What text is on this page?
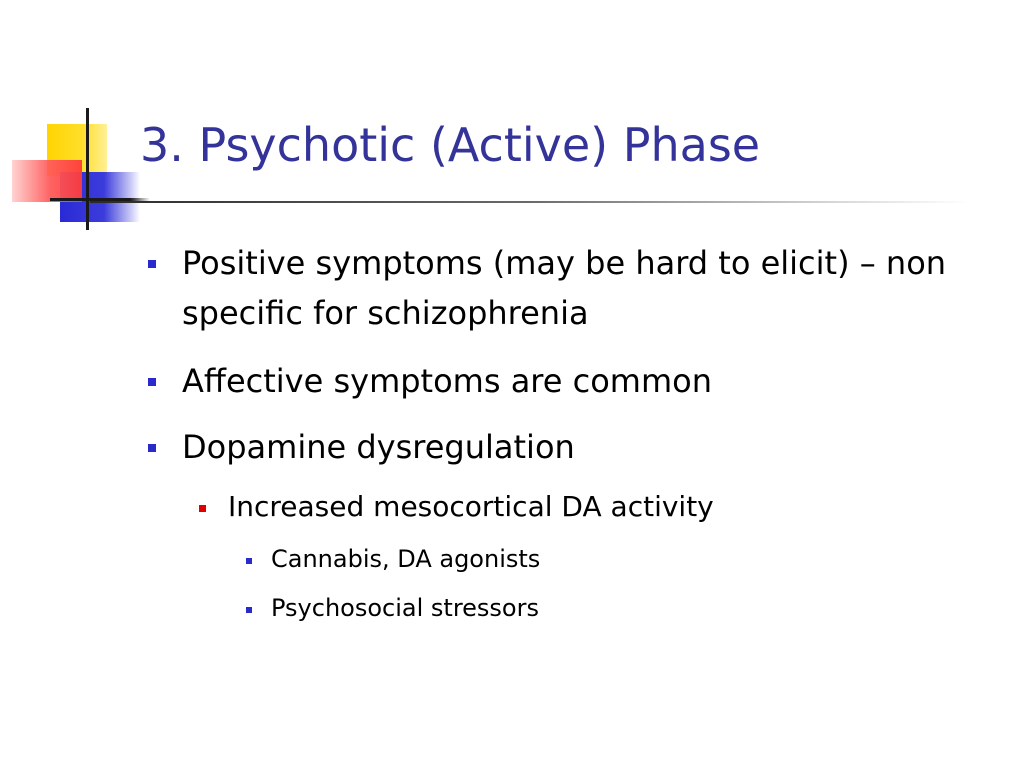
3. Psychotic (Active) Phase
Positive symptoms (may be hard to elicit) – non specific for schizophrenia
Affective symptoms are common
Dopamine dysregulation
Increased mesocortical DA activity
Cannabis, DA agonists
Psychosocial stressors
